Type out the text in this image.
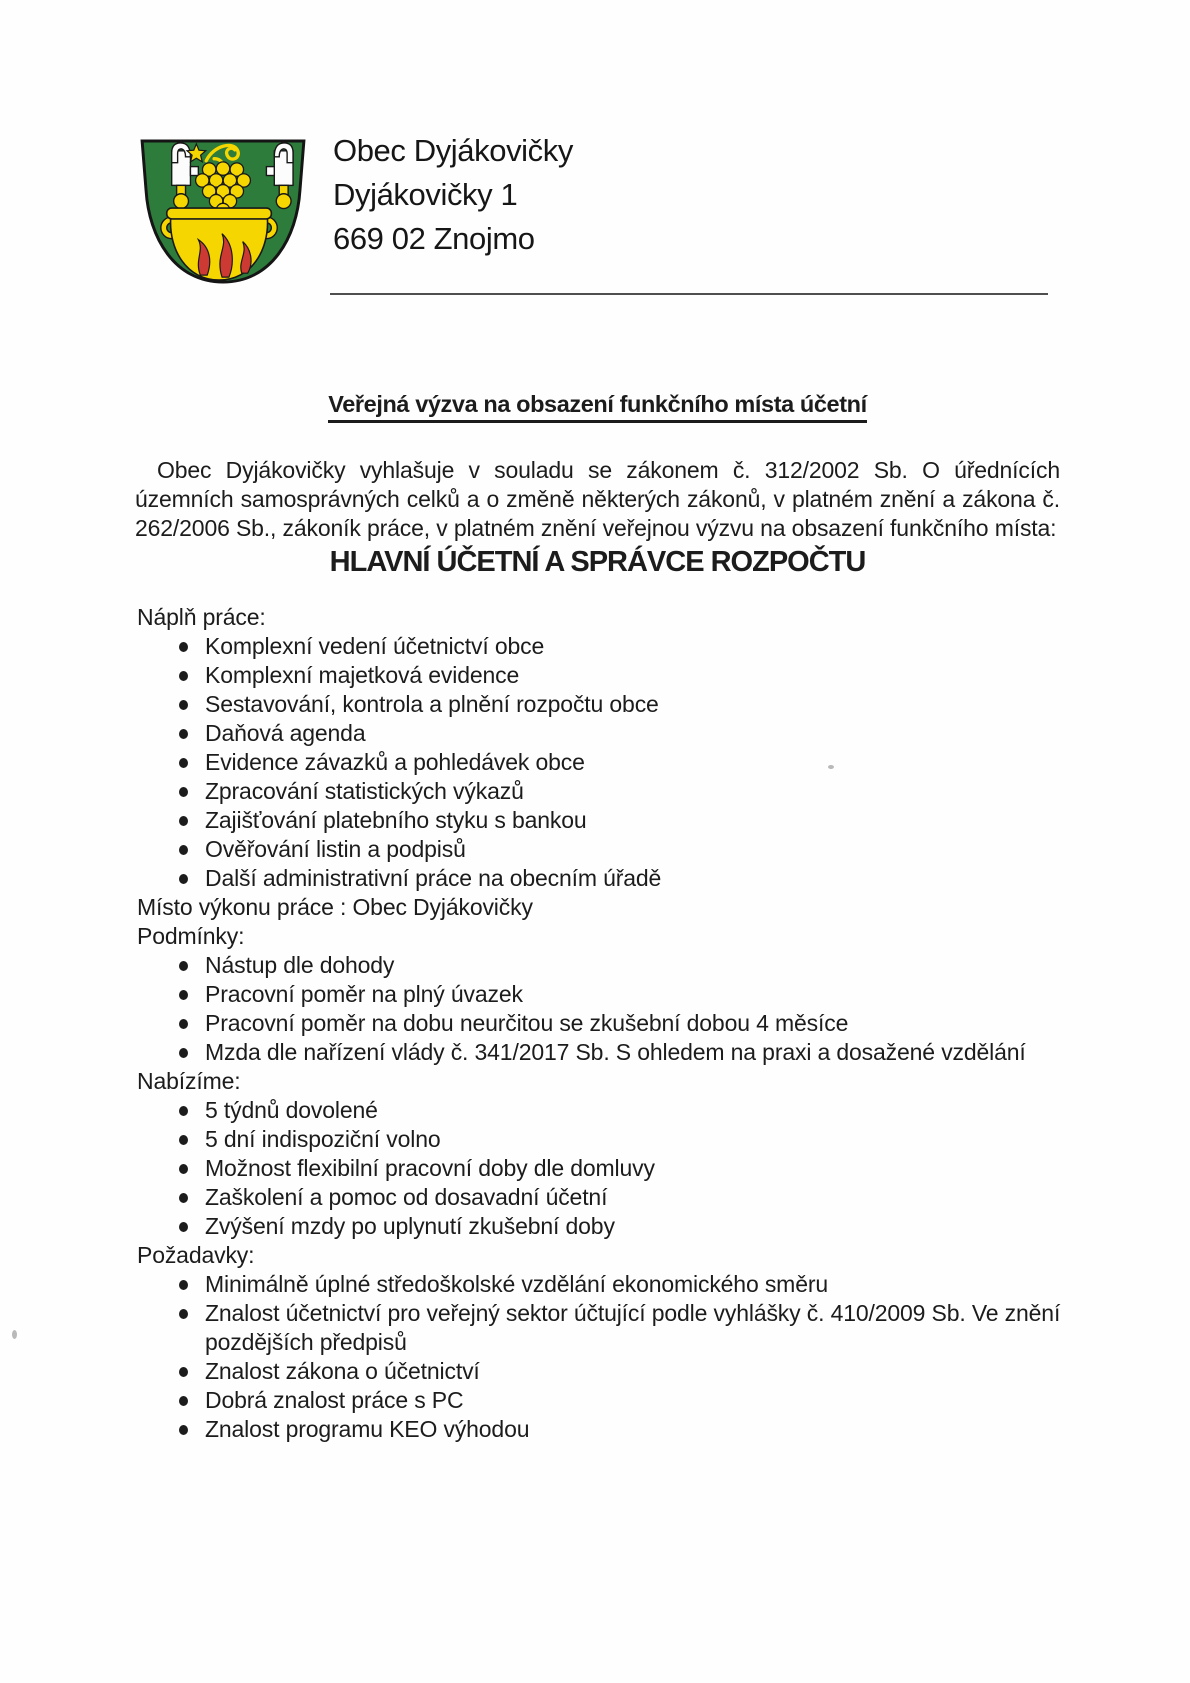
Obec Dyjákovičky
Dyjákovičky 1
669 02 Znojmo
Veřejná výzva na obsazení funkčního místa účetní

Obec Dyjákovičky vyhlašuje v souladu se zákonem č. 312/2002 Sb. O úřednících územních samosprávných celků a o změně některých zákonů, v platném znění a zákona č. 262/2006 Sb., zákoník práce, v platném znění veřejnou výzvu na obsazení funkčního místa:

HLAVNÍ ÚČETNÍ A SPRÁVCE ROZPOČTU
Náplň práce:
Komplexní vedení účetnictví obce
Komplexní majetková evidence
Sestavování, kontrola a plnění rozpočtu obce
Daňová agenda
Evidence závazků a pohledávek obce
Zpracování statistických výkazů
Zajišťování platebního styku s bankou
Ověřování listin a podpisů
Další administrativní práce na obecním úřadě
Místo výkonu práce : Obec Dyjákovičky
Podmínky:
Nástup dle dohody
Pracovní poměr na plný úvazek
Pracovní poměr na dobu neurčitou se zkušební dobou 4 měsíce
Mzda dle nařízení vlády č. 341/2017 Sb. S ohledem na praxi a dosažené vzdělání
Nabízíme:
5 týdnů dovolené
5 dní indispoziční volno
Možnost flexibilní pracovní doby dle domluvy
Zaškolení a pomoc od dosavadní účetní
Zvýšení mzdy po uplynutí zkušební doby
Požadavky:
Minimálně úplné středoškolské vzdělání ekonomického směru
Znalost účetnictví pro veřejný sektor účtující podle vyhlášky č. 410/2009 Sb. Ve znění pozdějších předpisů
Znalost zákona o účetnictví
Dobrá znalost práce s PC
Znalost programu KEO výhodou
